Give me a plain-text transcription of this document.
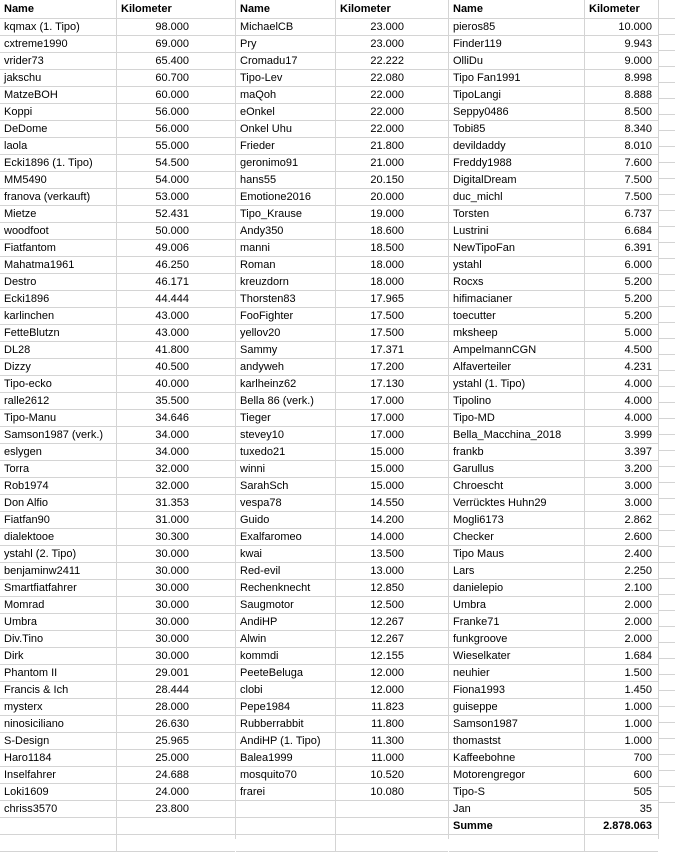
Name	Kilometer
kqmax (1. Tipo)	98.000
cxtreme1990	69.000
vrider73	65.400
jakschu	60.700
MatzeBOH	60.000
Koppi	56.000
DeDome	56.000
laola	55.000
Ecki1896 (1. Tipo)	54.500
MM5490	54.000
franova (verkauft)	53.000
Mietze	52.431
woodfoot	50.000
Fiatfantom	49.006
Mahatma1961	46.250
Destro	46.171
Ecki1896	44.444
karlinchen	43.000
FetteBlutzn	43.000
DL28	41.800
Dizzy	40.500
Tipo-ecko	40.000
ralle2612	35.500
Tipo-Manu	34.646
Samson1987 (verk.)	34.000
eslygen	34.000
Torra	32.000
Rob1974	32.000
Don Alfio	31.353
Fiatfan90	31.000
dialektooe	30.300
ystahl (2. Tipo)	30.000
benjaminw2411	30.000
Smartfiatfahrer	30.000
Momrad	30.000
Umbra	30.000
Div.Tino	30.000
Dirk	30.000
Phantom II	29.001
Francis & Ich	28.444
mysterx	28.000
ninosiciliano	26.630
S-Design	25.965
Haro1184	25.000
Inselfahrer	24.688
Loki1609	24.000
chriss3570	23.800
Name	Kilometer
MichaelCB	23.000
Pry	23.000
Cromadu17	22.222
Tipo-Lev	22.080
maQoh	22.000
eOnkel	22.000
Onkel Uhu	22.000
Frieder	21.800
geronimo91	21.000
hans55	20.150
Emotione2016	20.000
Tipo_Krause	19.000
Andy350	18.600
manni	18.500
Roman	18.000
kreuzdorn	18.000
Thorsten83	17.965
FooFighter	17.500
yellov20	17.500
Sammy	17.371
andyweh	17.200
karlheinz62	17.130
Bella 86 (verk.)	17.000
Tieger	17.000
stevey10	17.000
tuxedo21	15.000
winni	15.000
SarahSch	15.000
vespa78	14.550
Guido	14.200
Exalfaromeo	14.000
kwai	13.500
Red-evil	13.000
Rechenknecht	12.850
Saugmotor	12.500
AndiHP	12.267
Alwin	12.267
kommdi	12.155
PeeteBeluga	12.000
clobi	12.000
Pepe1984	11.823
Rubberrabbit	11.800
AndiHP (1. Tipo)	11.300
Balea1999	11.000
mosquito70	10.520
frarei	10.080
Name	Kilometer
pieros85	10.000
Finder119	9.943
OlliDu	9.000
Tipo Fan1991	8.998
TipoLangi	8.888
Seppy0486	8.500
Tobi85	8.340
devildaddy	8.010
Freddy1988	7.600
DigitalDream	7.500
duc_michl	7.500
Torsten	6.737
Lustrini	6.684
NewTipoFan	6.391
ystahl	6.000
Rocxs	5.200
hifimacianer	5.200
toecutter	5.200
mksheep	5.000
AmpelmannCGN	4.500
Alfaverteiler	4.231
ystahl (1. Tipo)	4.000
Tipolino	4.000
Tipo-MD	4.000
Bella_Macchina_2018	3.999
frankb	3.397
Garullus	3.200
Chroescht	3.000
Verrücktes Huhn29	3.000
Mogli6173	2.862
Checker	2.600
Tipo Maus	2.400
Lars	2.250
danielepio	2.100
Umbra	2.000
Franke71	2.000
funkgroove	2.000
Wieselkater	1.684
neuhier	1.500
Fiona1993	1.450
guiseppe	1.000
Samson1987	1.000
thomastst	1.000
Kaffeebohne	700
Motorengregor	600
Tipo-S	505
Jan	35
Summe	2.878.063
